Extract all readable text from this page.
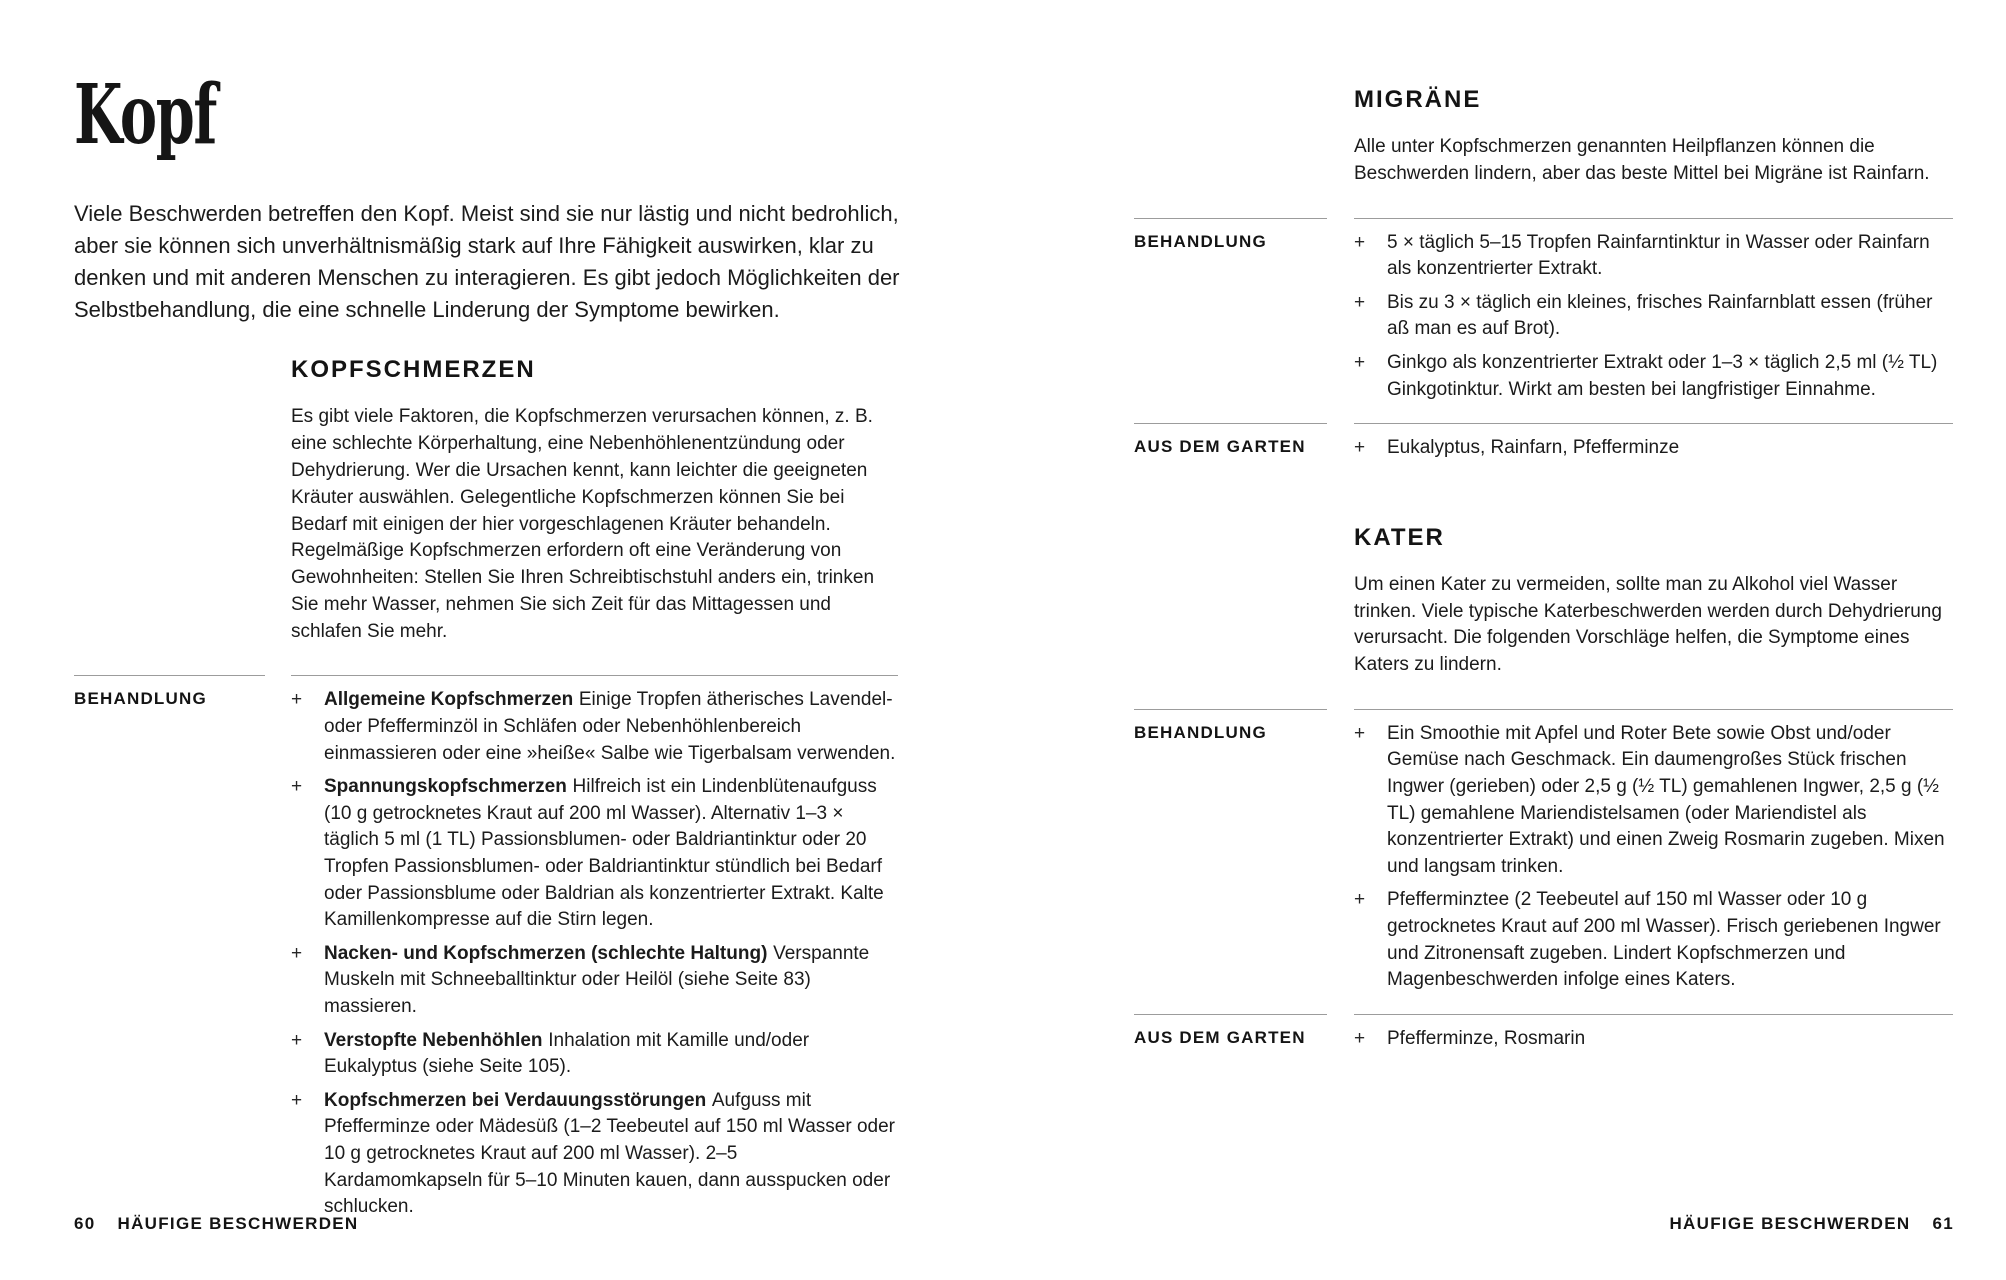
Kopf

Viele Beschwerden betreffen den Kopf. Meist sind sie nur lästig und nicht bedrohlich, aber sie können sich unverhältnismäßig stark auf Ihre Fähigkeit auswirken, klar zu denken und mit anderen Menschen zu interagieren. Es gibt jedoch Möglichkeiten der Selbstbehandlung, die eine schnelle Linderung der Symptome bewirken.

KOPFSCHMERZEN

Es gibt viele Faktoren, die Kopfschmerzen verursachen können, z. B. eine schlechte Körperhaltung, eine Nebenhöhlenentzündung oder Dehydrierung. Wer die Ursachen kennt, kann leichter die geeigneten Kräuter auswählen. Gelegentliche Kopfschmerzen können Sie bei Bedarf mit einigen der hier vorgeschlagenen Kräuter behandeln. Regelmäßige Kopfschmerzen erfordern oft eine Veränderung von Gewohnheiten: Stellen Sie Ihren Schreibtischstuhl anders ein, trinken Sie mehr Wasser, nehmen Sie sich Zeit für das Mittagessen und schlafen Sie mehr.

BEHANDLUNG	+	Allgemeine Kopfschmerzen Einige Tropfen ätherisches Lavendel- oder Pfefferminzöl in Schläfen oder Nebenhöhlenbereich einmassieren oder eine »heiße« Salbe wie Tigerbalsam verwenden.
+	Spannungskopfschmerzen Hilfreich ist ein Lindenblütenaufguss (10 g getrocknetes Kraut auf 200 ml Wasser). Alternativ 1–3 × täglich 5 ml (1 TL) Passionsblumen- oder Baldriantinktur oder 20 Tropfen Passionsblumen- oder Baldriantinktur stündlich bei Bedarf oder Passionsblume oder Baldrian als konzentrierter Extrakt. Kalte Kamillenkompresse auf die Stirn legen.
+	Nacken- und Kopfschmerzen (schlechte Haltung) Verspannte Muskeln mit Schneeballtinktur oder Heilöl (siehe Seite 83) massieren.
+	Verstopfte Nebenhöhlen Inhalation mit Kamille und/oder Eukalyptus (siehe Seite 105).
+	Kopfschmerzen bei Verdauungsstörungen Aufguss mit Pfefferminze oder Mädesüß (1–2 Teebeutel auf 150 ml Wasser oder 10 g getrocknetes Kraut auf 200 ml Wasser). 2–5 Kardamomkapseln für 5–10 Minuten kauen, dann ausspucken oder schlucken.
60 HÄUFIGE BESCHWERDEN
MIGRÄNE

Alle unter Kopfschmerzen genannten Heilpflanzen können die Beschwerden lindern, aber das beste Mittel bei Migräne ist Rainfarn.

BEHANDLUNG	+	5 × täglich 5–15 Tropfen Rainfarntinktur in Wasser oder Rainfarn als konzentrierter Extrakt.
+	Bis zu 3 × täglich ein kleines, frisches Rainfarnblatt essen (früher aß man es auf Brot).
+	Ginkgo als konzentrierter Extrakt oder 1–3 × täglich 2,5 ml (½ TL) Ginkgotinktur. Wirkt am besten bei langfristiger Einnahme.
AUS DEM GARTEN	+	Eukalyptus, Rainfarn, Pfefferminze
KATER

Um einen Kater zu vermeiden, sollte man zu Alkohol viel Wasser trinken. Viele typische Katerbeschwerden werden durch Dehydrierung verursacht. Die folgenden Vorschläge helfen, die Symptome eines Katers zu lindern.

BEHANDLUNG	+	Ein Smoothie mit Apfel und Roter Bete sowie Obst und/oder Gemüse nach Geschmack. Ein daumengroßes Stück frischen Ingwer (gerieben) oder 2,5 g (½ TL) gemahlenen Ingwer, 2,5 g (½ TL) gemahlene Mariendistelsamen (oder Mariendistel als konzentrierter Extrakt) und einen Zweig Rosmarin zugeben. Mixen und langsam trinken.
+	Pfefferminztee (2 Teebeutel auf 150 ml Wasser oder 10 g getrocknetes Kraut auf 200 ml Wasser). Frisch geriebenen Ingwer und Zitronensaft zugeben. Lindert Kopfschmerzen und Magenbeschwerden infolge eines Katers.
AUS DEM GARTEN	+	Pfefferminze, Rosmarin
HÄUFIGE BESCHWERDEN 61
